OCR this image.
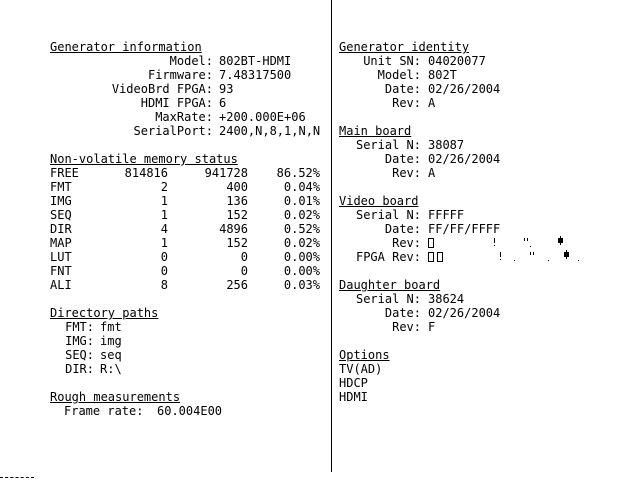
Generator information
Model: 802BT-HDMI
Firmware: 7.48317500
VideoBrd FPGA: 93
HDMI FPGA: 6
MaxRate: +200.000E+06
SerialPort: 2400,N,8,1,N,N
Non-volatile memory status
FREE	814816	941728	86.52%
FMT	2	400	0.04%
IMG	1	136	0.01%
SEQ	1	152	0.02%
DIR	4	4896	0.52%
MAP	1	152	0.02%
LUT	0	0	0.00%
FNT	0	0	0.00%
ALI	8	256	0.03%
Directory paths
FMT: fmt
IMG: img
SEQ: seq
DIR: R:\
Rough measurements
Frame rate: 60.004E00
Generator identity
Unit SN: 04020077
Model: 802T
Date: 02/26/2004
Rev: A
Main board
Serial N: 38087
Date: 02/26/2004
Rev: A
Video board
Serial N: FFFFF
Date: FF/FF/FFFF
Rev:
FPGA Rev:
Daughter board
Serial N: 38624
Date: 02/26/2004
Rev: F
Options
TV(AD)
HDCP
HDMI
